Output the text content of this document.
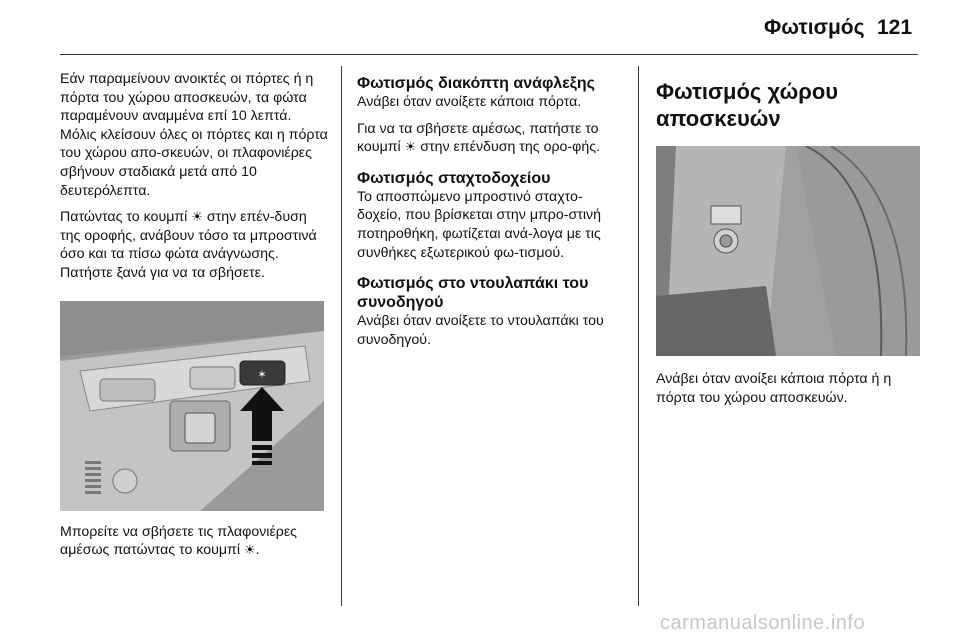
Φωτισμός 121

Εάν παραμείνουν ανοικτές οι πόρτες ή η πόρτα του χώρου αποσκευών, τα φώτα παραμένουν αναμμένα επί 10 λεπτά. Μόλις κλείσουν όλες οι πόρτες και η πόρτα του χώρου απο-σκευών, οι πλαφονιέρες σβήνουν σταδιακά μετά από 10 δευτερόλεπτα.

Πατώντας το κουμπί ☀ στην επέν-δυση της οροφής, ανάβουν τόσο τα μπροστινά όσο και τα πίσω φώτα ανάγνωσης. Πατήστε ξανά για να τα σβήσετε.

✶

Μπορείτε να σβήσετε τις πλαφονιέρες αμέσως πατώντας το κουμπί ☀.

Φωτισμός διακόπτη ανάφλεξης

Ανάβει όταν ανοίξετε κάποια πόρτα.

Για να τα σβήσετε αμέσως, πατήστε το κουμπί ☀ στην επένδυση της ορο-φής.

Φωτισμός σταχτοδοχείου

Το αποσπώμενο μπροστινό σταχτο-δοχείο, που βρίσκεται στην μπρο-στινή ποτηροθήκη, φωτίζεται ανά-λογα με τις συνθήκες εξωτερικού φω-τισμού.

Φωτισμός στο ντουλαπάκι του συνοδηγού

Ανάβει όταν ανοίξετε το ντουλαπάκι του συνοδηγού.

Φωτισμός χώρου αποσκευών

Ανάβει όταν ανοίξει κάποια πόρτα ή η πόρτα του χώρου αποσκευών.

carmanualsonline.info
